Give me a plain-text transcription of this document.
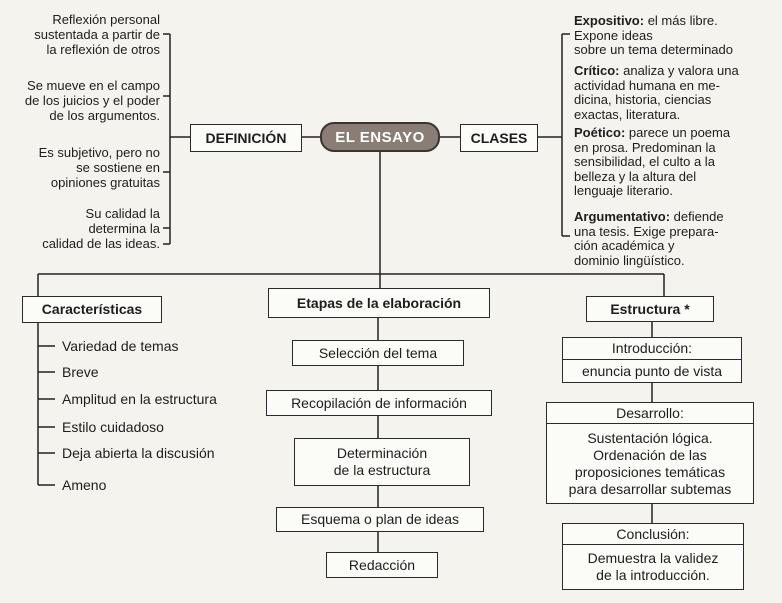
Reflexión personal
sustentada a partir de
la reflexión de otros
Se mueve en el campo
de los juicios y el poder
de los argumentos.
Es subjetivo, pero no
se sostiene en
opiniones gratuitas
Su calidad la
determina la
calidad de las ideas.
DEFINICIÓN	EL ENSAYO	CLASES
Expositivo: el más libre.
Expone ideas
sobre un tema determinado
Crítico: analiza y valora una
actividad humana en me-
dicina, historia, ciencias
exactas, literatura.
Poético: parece un poema
en prosa. Predominan la
sensibilidad, el culto a la
belleza y la altura del
lenguaje literario.
Argumentativo: defiende
una tesis. Exige prepara-
ción académica y
dominio lingüístico.
Características
Variedad de temas
Breve
Amplitud en la estructura
Estilo cuidadoso
Deja abierta la discusión
Ameno
Etapas de la elaboración
Selección del tema
Recopilación de información
Determinación
de la estructura
Esquema o plan de ideas
Redacción
Estructura *
Introducción:
enuncia punto de vista
Desarrollo:
Sustentación lógica.
Ordenación de las
proposiciones temáticas
para desarrollar subtemas
Conclusión:
Demuestra la validez
de la introducción.
